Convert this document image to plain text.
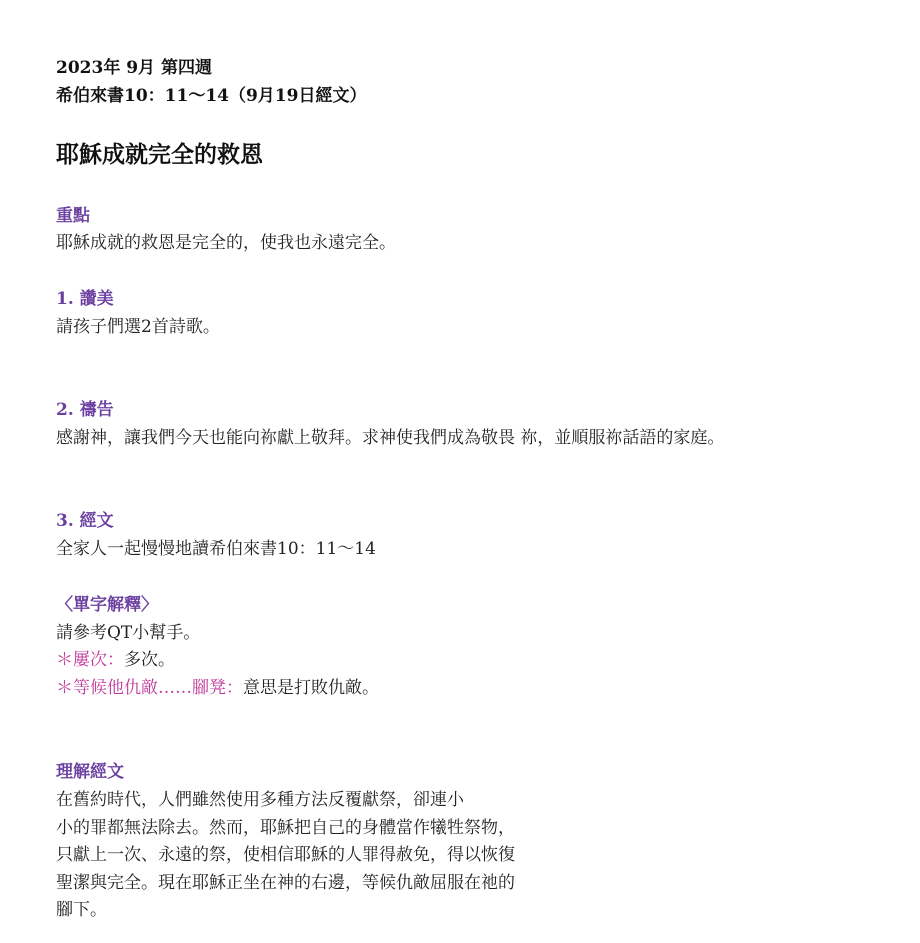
2023年 9月 第四週
希伯來書10：11～14（9月19日經文）
耶穌成就完全的救恩
重點
耶穌成就的救恩是完全的，使我也永遠完全。
1. 讚美
請孩子們選2首詩歌。
2. 禱告
感謝神，讓我們今天也能向祢獻上敬拜。求神使我們成為敬畏 祢，並順服祢話語的家庭。
3. 經文
全家人一起慢慢地讀希伯來書10：11～14
〈單字解釋〉
請參考QT小幫手。
＊屢次：多次。
＊等候他仇敵……腳凳：意思是打敗仇敵。
理解經文
在舊約時代，人們雖然使用多種方法反覆獻祭，卻連小
小的罪都無法除去。然而，耶穌把自己的身體當作犧牲祭物，
只獻上一次、永遠的祭，使相信耶穌的人罪得赦免，得以恢復
聖潔與完全。現在耶穌正坐在神的右邊，等候仇敵屈服在祂的
腳下。
